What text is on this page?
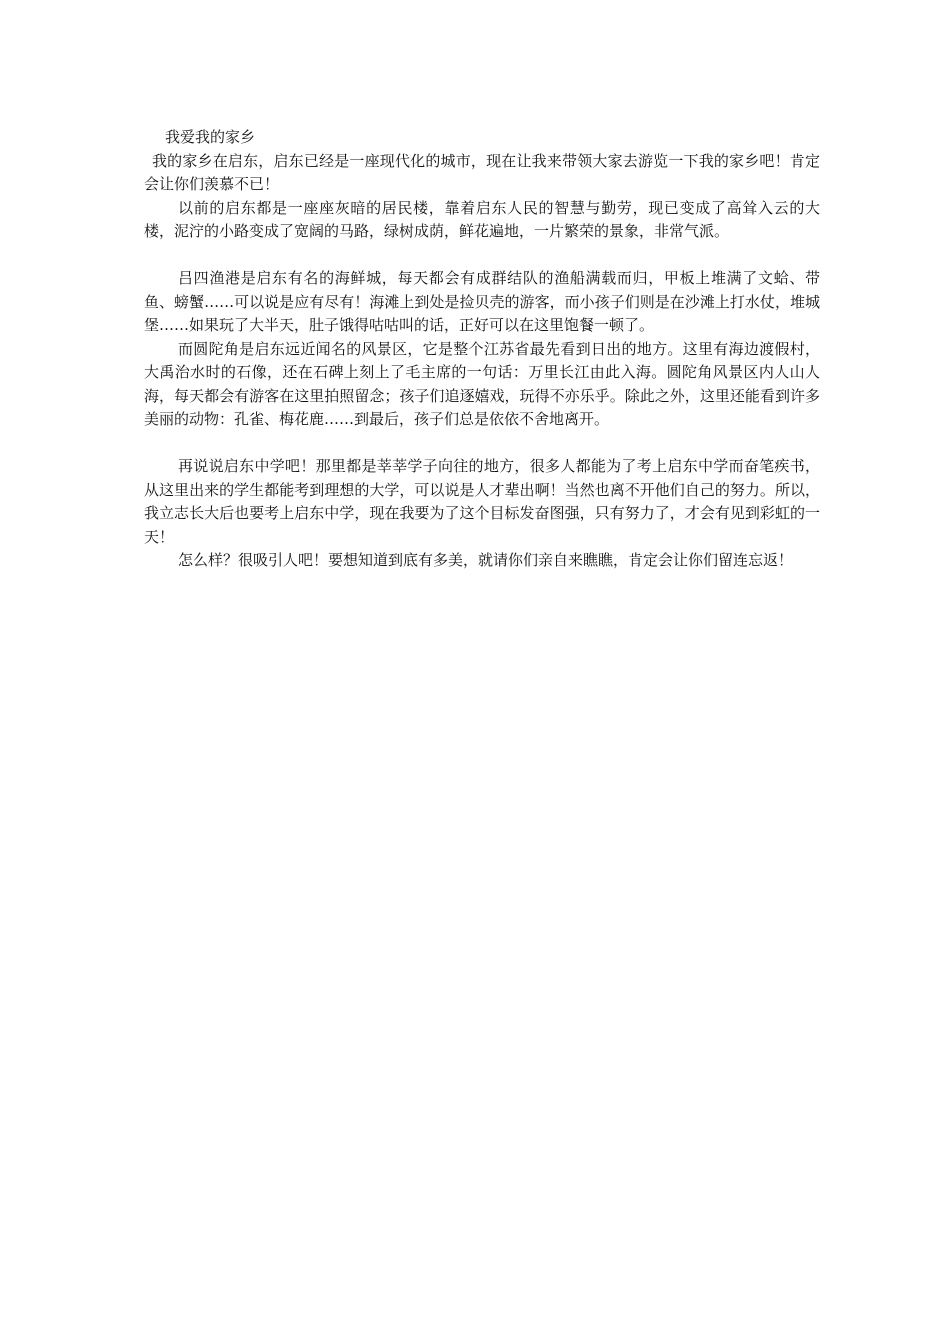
我爱我的家乡

我的家乡在启东，启东已经是一座现代化的城市，现在让我来带领大家去游览一下我的家乡吧！肯定会让你们羡慕不已！

以前的启东都是一座座灰暗的居民楼，靠着启东人民的智慧与勤劳，现已变成了高耸入云的大楼，泥泞的小路变成了宽阔的马路，绿树成荫，鲜花遍地，一片繁荣的景象，非常气派。

吕四渔港是启东有名的海鲜城，每天都会有成群结队的渔船满载而归，甲板上堆满了文蛤、带鱼、螃蟹……可以说是应有尽有！海滩上到处是捡贝壳的游客，而小孩子们则是在沙滩上打水仗，堆城堡……如果玩了大半天，肚子饿得咕咕叫的话，正好可以在这里饱餐一顿了。

而圆陀角是启东远近闻名的风景区，它是整个江苏省最先看到日出的地方。这里有海边渡假村，大禹治水时的石像，还在石碑上刻上了毛主席的一句话：万里长江由此入海。圆陀角风景区内人山人海，每天都会有游客在这里拍照留念；孩子们追逐嬉戏，玩得不亦乐乎。除此之外，这里还能看到许多美丽的动物：孔雀、梅花鹿……到最后，孩子们总是依依不舍地离开。

再说说启东中学吧！那里都是莘莘学子向往的地方，很多人都能为了考上启东中学而奋笔疾书，从这里出来的学生都能考到理想的大学，可以说是人才辈出啊！当然也离不开他们自己的努力。所以，我立志长大后也要考上启东中学，现在我要为了这个目标发奋图强，只有努力了，才会有见到彩虹的一天！

怎么样？很吸引人吧！要想知道到底有多美，就请你们亲自来瞧瞧，肯定会让你们留连忘返！
